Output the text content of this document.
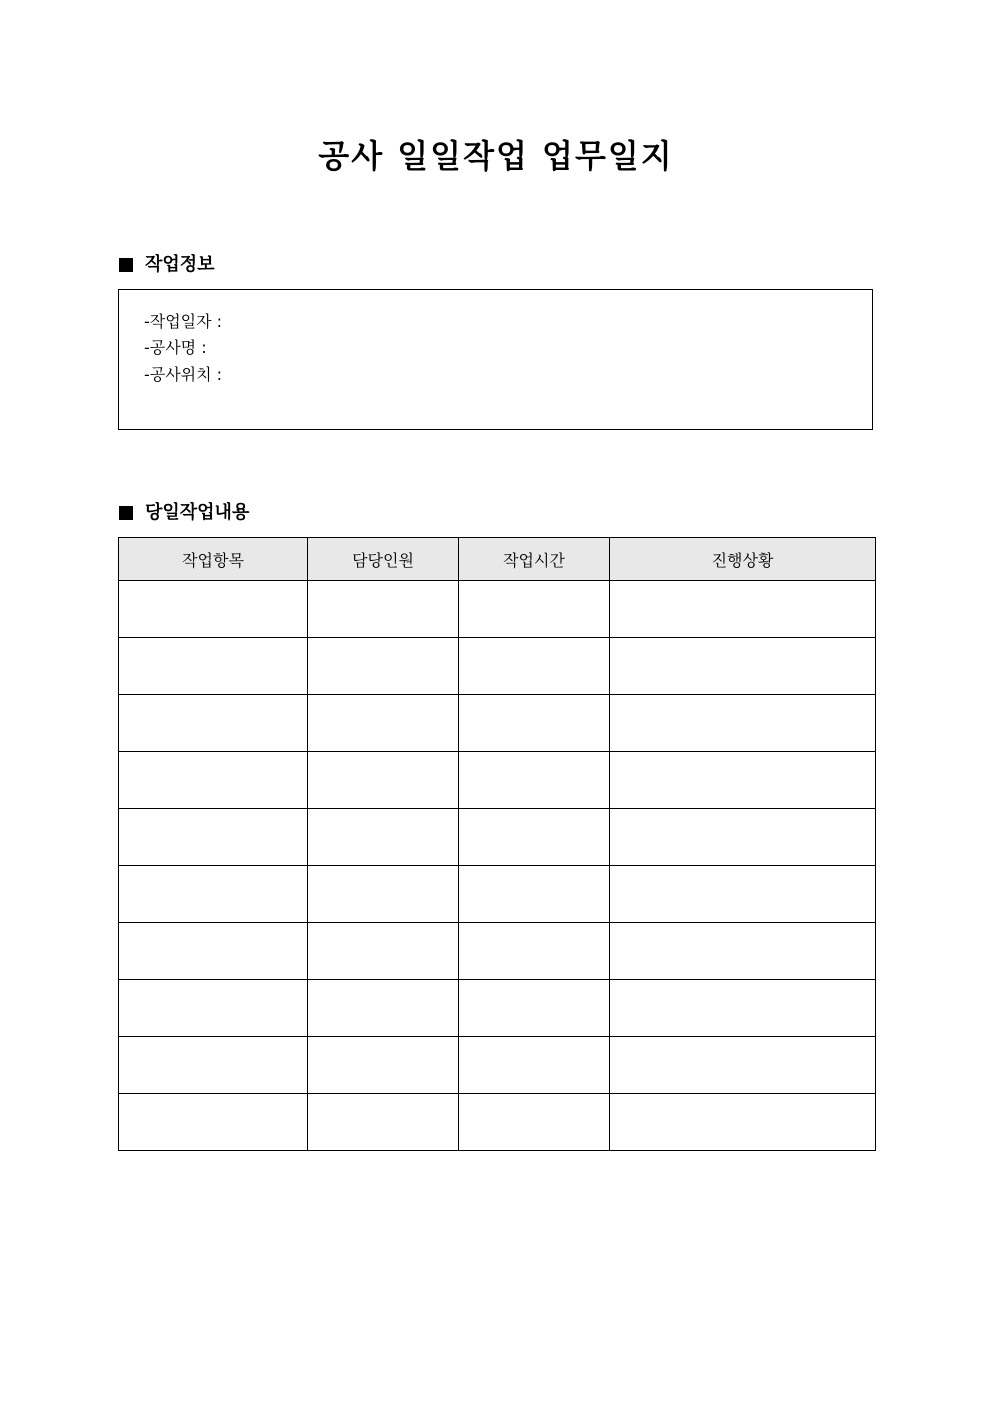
공사 일일작업 업무일지
작업정보
-작업일자 :
-공사명 :
-공사위치 :
당일작업내용
작업항목	담당인원	작업시간	진행상황
